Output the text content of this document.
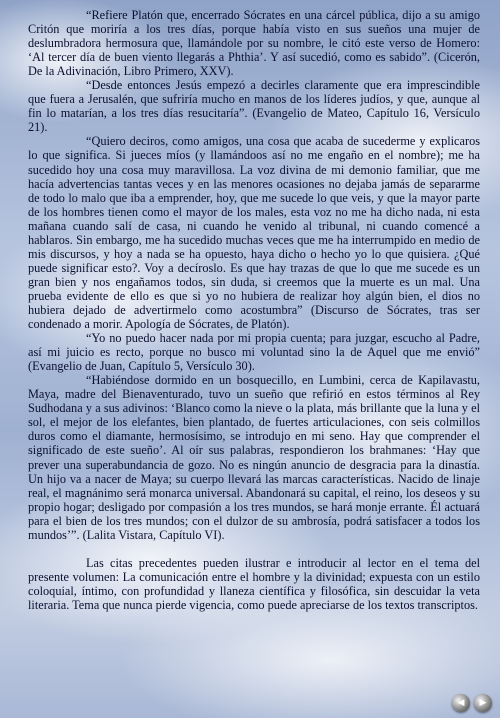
“Refiere Platón que, encerrado Sócrates en una cárcel pública, dijo a su amigo Critón que moriría a los tres días, porque había visto en sus sueños una mujer de deslumbradora hermosura que, llamándole por su nombre, le citó este verso de Homero: ‘Al tercer día de buen viento llegarás a Phthia’. Y así sucedió, como es sabido”. (Cicerón, De la Adivinación, Libro Primero, XXV).

“Desde entonces Jesús empezó a decirles claramente que era imprescindible que fuera a Jerusalén, que sufriría mucho en manos de los líderes judíos, y que, aunque al fin lo matarían, a los tres días resucitaría”. (Evangelio de Mateo, Capítulo 16, Versículo 21).

“Quiero deciros, como amigos, una cosa que acaba de sucederme y explicaros lo que significa. Si jueces míos (y llamándoos así no me engaño en el nombre); me ha sucedido hoy una cosa muy maravillosa. La voz divina de mi demonio familiar, que me hacía advertencias tantas veces y en las menores ocasiones no dejaba jamás de separarme de todo lo malo que iba a emprender, hoy, que me sucede lo que veis, y que la mayor parte de los hombres tienen como el mayor de los males, esta voz no me ha dicho nada, ni esta mañana cuando salí de casa, ni cuando he venido al tribunal, ni cuando comencé a hablaros. Sin embargo, me ha sucedido muchas veces que me ha interrumpido en medio de mis discursos, y hoy a nada se ha opuesto, haya dicho o hecho yo lo que quisiera. ¿Qué puede significar esto?. Voy a decíroslo. Es que hay trazas de que lo que me sucede es un gran bien y nos engañamos todos, sin duda, si creemos que la muerte es un mal. Una prueba evidente de ello es que si yo no hubiera de realizar hoy algún bien, el dios no hubiera dejado de advertirmelo como acostumbra” (Discurso de Sócrates, tras ser condenado a morir. Apología de Sócrates, de Platón).

“Yo no puedo hacer nada por mi propia cuenta; para juzgar, escucho al Padre, así mi juicio es recto, porque no busco mi voluntad sino la de Aquel que me envió” (Evangelio de Juan, Capítulo 5, Versículo 30).

“Habiéndose dormido en un bosquecillo, en Lumbini, cerca de Kapilavastu, Maya, madre del Bienaventurado, tuvo un sueño que refirió en estos términos al Rey Sudhodana y a sus adivinos: ‘Blanco como la nieve o la plata, más brillante que la luna y el sol, el mejor de los elefantes, bien plantado, de fuertes articulaciones, con seis colmillos duros como el diamante, hermosísimo, se introdujo en mi seno. Hay que comprender el significado de este sueño’. Al oír sus palabras, respondieron los brahmanes: ‘Hay que prever una superabundancia de gozo. No es ningún anuncio de desgracia para la dinastía. Un hijo va a nacer de Maya; su cuerpo llevará las marcas características. Nacido de linaje real, el magnánimo será monarca universal. Abandonará su capital, el reino, los deseos y su propio hogar; desligado por compasión a los tres mundos, se hará monje errante. Él actuará para el bien de los tres mundos; con el dulzor de su ambrosía, podrá satisfacer a todos los mundos’”. (Lalita Vistara, Capítulo VI).

Las citas precedentes pueden ilustrar e introducir al lector en el tema del presente volumen: La comunicación entre el hombre y la divinidad; expuesta con un estilo coloquial, íntimo, con profundidad y llaneza científica y filosófica, sin descuidar la veta literaria. Tema que nunca pierde vigencia, como puede apreciarse de los textos transcriptos.

◀ ▶
